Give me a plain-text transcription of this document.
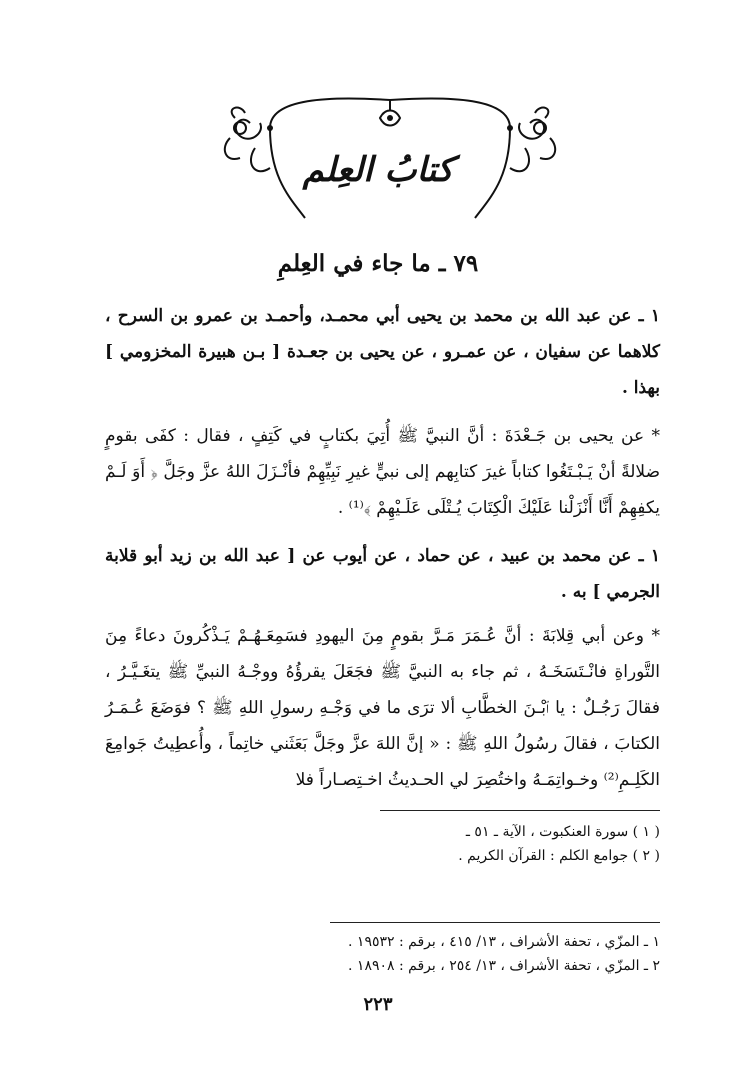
كتابُ العِلم
٧٩ ـ ما جاء في العِلمِ

١ ـ عن عبد الله بن محمد بن يحيى أبي محمـد، وأحمـد بن عمرو بن السرح ، كلاهما عن سفيان ، عن عمـرو ، عن يحيى بن جعـدة [ بـن هبيرة المخزومي ] بهذا .

* عن يحيى بن جَـعْدَةَ : أنَّ النبيَّ ﷺ أُتِيَ بكتابٍ في كَتِفٍ ، فقال : كفَى بقومٍ ضلالةً أنْ يَـبْـتَغُوا كتاباً غيرَ كتابِهم إلى نبيٍّ غيرِ نَبِيِّهِمْ فأنْـزَلَ اللهُ عزَّ وجَلَّ ﴿ أَوَ لَـمْ يكفِهِمْ أَنَّا أَنْزَلْنا عَلَيْكَ الْكِتَابَ يُـتْلَى عَلَـيْهِمْ ﴾⁽¹⁾ .

١ ـ عن محمد بن عبيد ، عن حماد ، عن أيوب عن [ عبد الله بن زيد أبو قلابة الجرمي ] به .

* وعن أبي قِلابَةَ : أنَّ عُـمَرَ مَـرَّ بقومٍ مِنَ اليهودِ فسَمِعَـهُـمْ يَـذْكُرونَ دعاءً مِنَ التَّوراةِ فانْـتَسَخَـهُ ، ثم جاء به النبيَّ ﷺ فجَعَلَ يقرؤُهُ ووجْـهُ النبيِّ ﷺ يتغَـيَّـرُ ، فقالَ رَجُـلٌ : يا ٱبْـنَ الخطَّابِ ألا ترَى ما في وَجْـهِ رسولِ اللهِ ﷺ ؟ فوَضَعَ عُـمَـرُ الكتابَ ، فقالَ رسُولُ اللهِ ﷺ : « إنَّ اللهَ عزَّ وجَلَّ بَعَثَني خاتِماً ، وأُعطِيتُ جَوامِعَ الكَلِـمِ⁽²⁾ وخـواتِمَـهُ واختُصِرَ لي الحـديثُ اخـتِصـاراً فلا

( ١ ) سورة العنكبوت ، الآية ـ ٥١ ـ
( ٢ ) جوامع الكلم : القرآن الكريم .
١ ـ المزّي ، تحفة الأشراف ، ١٣/ ٤١٥ ، برقم : ١٩٥٣٢ .
٢ ـ المزّي ، تحفة الأشراف ، ١٣/ ٢٥٤ ، برقم : ١٨٩٠٨ .
٢٢٣
